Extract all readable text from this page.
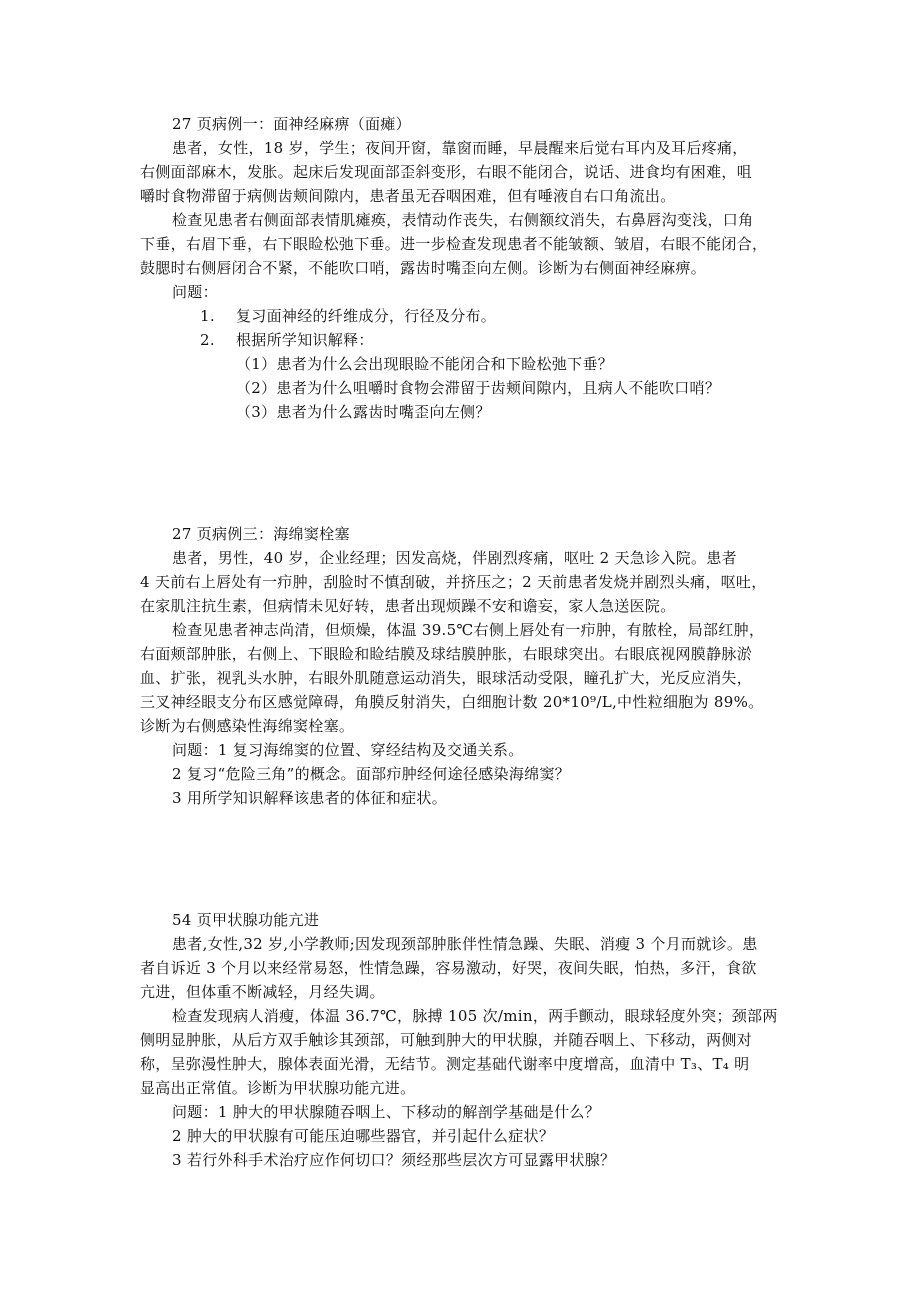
27 页病例一：面神经麻痹（面瘫）
患者，女性，18 岁，学生；夜间开窗，靠窗而睡，早晨醒来后觉右耳内及耳后疼痛，
右侧面部麻木，发胀。起床后发现面部歪斜变形，右眼不能闭合，说话、进食均有困难，咀
嚼时食物滞留于病侧齿颊间隙内，患者虽无吞咽困难，但有唾液自右口角流出。
检查见患者右侧面部表情肌瘫痪，表情动作丧失，右侧额纹消失，右鼻唇沟变浅，口角
下垂，右眉下垂，右下眼睑松弛下垂。进一步检查发现患者不能皱额、皱眉，右眼不能闭合，
鼓腮时右侧唇闭合不紧，不能吹口哨，露齿时嘴歪向左侧。诊断为右侧面神经麻痹。
问题：
1. 复习面神经的纤维成分，行径及分布。
2. 根据所学知识解释：
（1）患者为什么会出现眼睑不能闭合和下睑松弛下垂？
（2）患者为什么咀嚼时食物会滞留于齿颊间隙内，且病人不能吹口哨？
（3）患者为什么露齿时嘴歪向左侧？
27 页病例三：海绵窦栓塞
患者，男性，40 岁，企业经理；因发高烧，伴剧烈疼痛，呕吐 2 天急诊入院。患者
4 天前右上唇处有一疖肿，刮脸时不慎刮破，并挤压之；2 天前患者发烧并剧烈头痛，呕吐，
在家肌注抗生素，但病情未见好转，患者出现烦躁不安和谵妄，家人急送医院。
检查见患者神志尚清，但烦燥，体温 39.5℃右侧上唇处有一疖肿，有脓栓，局部红肿，
右面颊部肿胀，右侧上、下眼睑和睑结膜及球结膜肿胀，右眼球突出。右眼底视网膜静脉淤
血、扩张，视乳头水肿，右眼外肌随意运动消失，眼球活动受限，瞳孔扩大，光反应消失，
三叉神经眼支分布区感觉障碍，角膜反射消失，白细胞计数 20*10⁹/L,中性粒细胞为 89%。
诊断为右侧感染性海绵窦栓塞。
问题：1 复习海绵窦的位置、穿经结构及交通关系。
2 复习“危险三角”的概念。面部疖肿经何途径感染海绵窦？
3 用所学知识解释该患者的体征和症状。
54 页甲状腺功能亢进
患者,女性,32 岁,小学教师;因发现颈部肿胀伴性情急躁、失眠、消瘦 3 个月而就诊。患
者自诉近 3 个月以来经常易怒，性情急躁，容易激动，好哭，夜间失眠，怕热，多汗，食欲
亢进，但体重不断减轻，月经失调。
检查发现病人消瘦，体温 36.7℃，脉搏 105 次/min，两手颤动，眼球轻度外突；颈部两
侧明显肿胀，从后方双手触诊其颈部，可触到肿大的甲状腺，并随吞咽上、下移动，两侧对
称，呈弥漫性肿大，腺体表面光滑，无结节。测定基础代谢率中度增高，血清中 T₃、T₄ 明
显高出正常值。诊断为甲状腺功能亢进。
问题：1 肿大的甲状腺随吞咽上、下移动的解剖学基础是什么？
2 肿大的甲状腺有可能压迫哪些器官，并引起什么症状？
3 若行外科手术治疗应作何切口？须经那些层次方可显露甲状腺？
